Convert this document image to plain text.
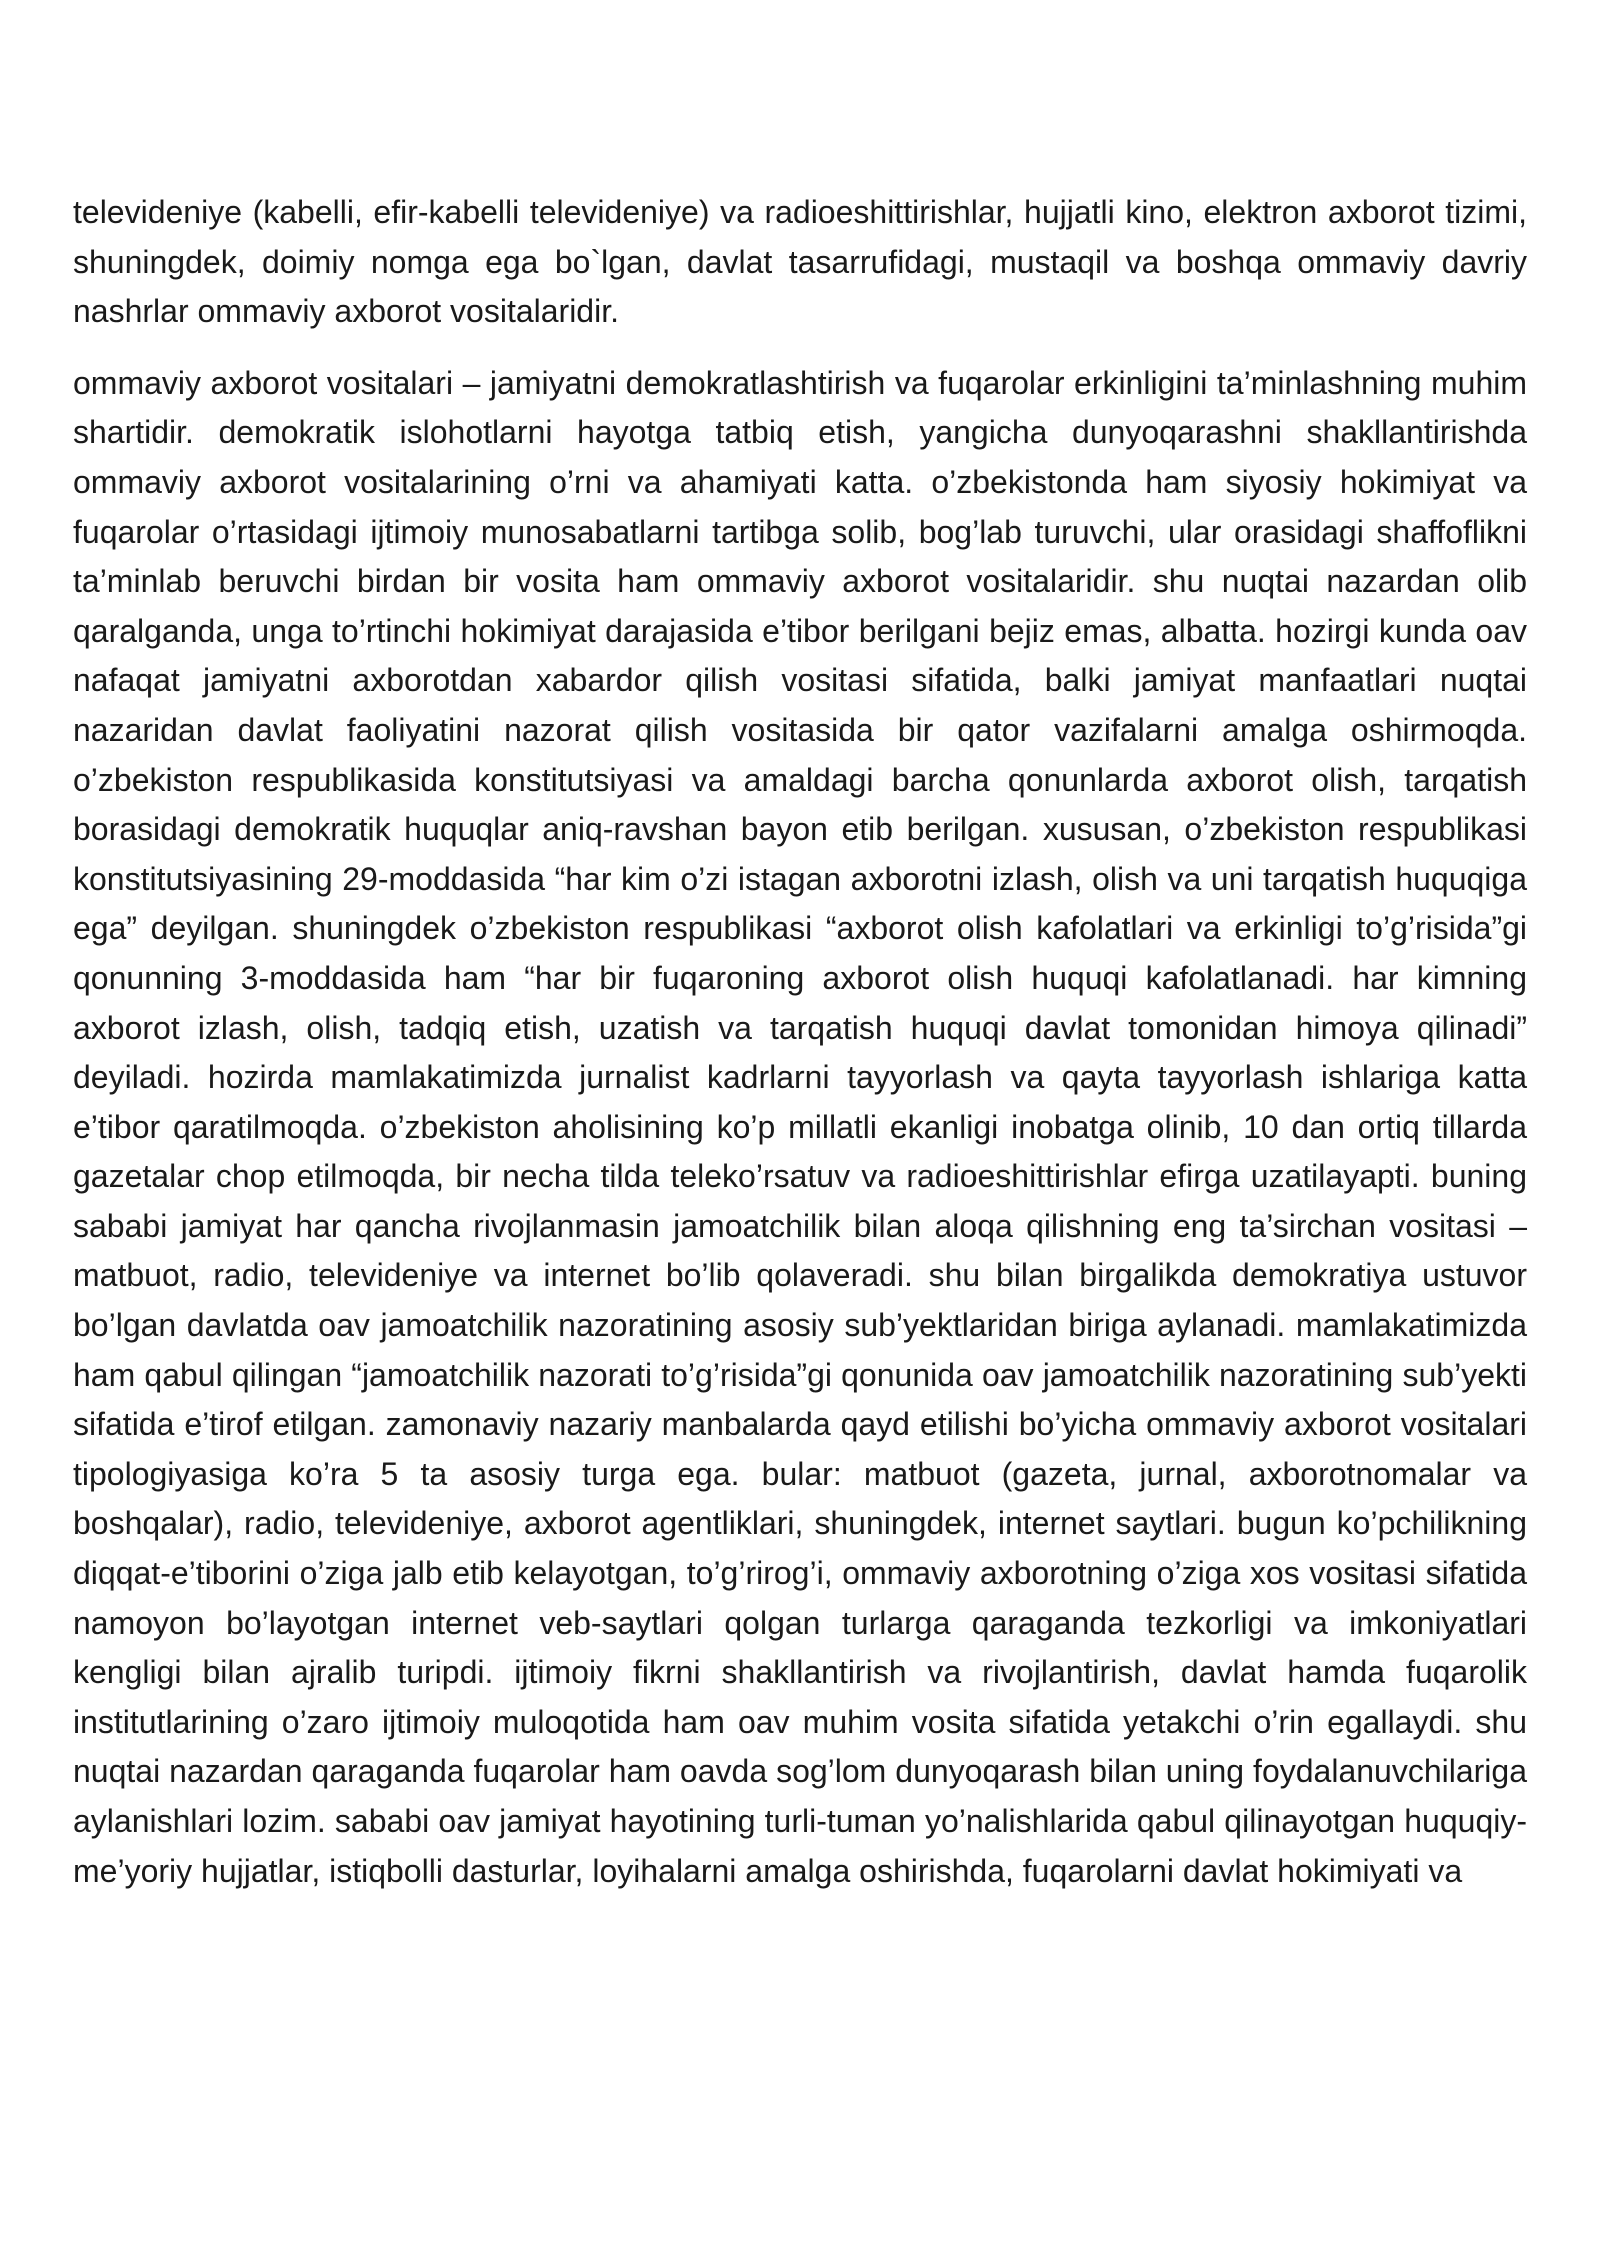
televideniye (kabelli, efir-kabelli televideniye) va radioeshittirishlar, hujjatli kino, elektron axborot tizimi, shuningdek, doimiy nomga ega bo`lgan, davlat tasarrufidagi, mustaqil va boshqa ommaviy davriy nashrlar ommaviy axborot vositalaridir.

ommaviy axborot vositalari – jamiyatni demokratlashtirish va fuqarolar erkinligini ta’minlashning muhim shartidir. demokratik islohotlarni hayotga tatbiq etish, yangicha dunyoqarashni shakllantirishda ommaviy axborot vositalarining o’rni va ahamiyati katta. o’zbekistonda ham siyosiy hokimiyat va fuqarolar o’rtasidagi ijtimoiy munosabatlarni tartibga solib, bog’lab turuvchi, ular orasidagi shaffoflikni ta’minlab beruvchi birdan bir vosita ham ommaviy axborot vositalaridir. shu nuqtai nazardan olib qaralganda, unga to’rtinchi hokimiyat darajasida e’tibor berilgani bejiz emas, albatta. hozirgi kunda oav nafaqat jamiyatni axborotdan xabardor qilish vositasi sifatida, balki jamiyat manfaatlari nuqtai nazaridan davlat faoliyatini nazorat qilish vositasida bir qator vazifalarni amalga oshirmoqda. o’zbekiston respublikasida konstitutsiyasi va amaldagi barcha qonunlarda axborot olish, tarqatish borasidagi demokratik huquqlar aniq-ravshan bayon etib berilgan. xususan, o’zbekiston respublikasi konstitutsiyasining 29-moddasida “har kim o’zi istagan axborotni izlash, olish va uni tarqatish huquqiga ega” deyilgan. shuningdek o’zbekiston respublikasi “axborot olish kafolatlari va erkinligi to’g’risida”gi qonunning 3-moddasida ham “har bir fuqaroning axborot olish huquqi kafolatlanadi. har kimning axborot izlash, olish, tadqiq etish, uzatish va tarqatish huquqi davlat tomonidan himoya qilinadi” deyiladi. hozirda mamlakatimizda jurnalist kadrlarni tayyorlash va qayta tayyorlash ishlariga katta e’tibor qaratilmoqda. o’zbekiston aholisining ko’p millatli ekanligi inobatga olinib, 10 dan ortiq tillarda gazetalar chop etilmoqda, bir necha tilda teleko’rsatuv va radioeshittirishlar efirga uzatilayapti. buning sababi jamiyat har qancha rivojlanmasin jamoatchilik bilan aloqa qilishning eng ta’sirchan vositasi – matbuot, radio, televideniye va internet bo’lib qolaveradi. shu bilan birgalikda demokratiya ustuvor bo’lgan davlatda oav jamoatchilik nazoratining asosiy sub’yektlaridan biriga aylanadi. mamlakatimizda ham qabul qilingan “jamoatchilik nazorati to’g’risida”gi qonunida oav jamoatchilik nazoratining sub’yekti sifatida e’tirof etilgan. zamonaviy nazariy manbalarda qayd etilishi bo’yicha ommaviy axborot vositalari tipologiyasiga ko’ra 5 ta asosiy turga ega. bular: matbuot (gazeta, jurnal, axborotnomalar va boshqalar), radio, televideniye, axborot agentliklari, shuningdek, internet saytlari. bugun ko’pchilikning diqqat-e’tiborini o’ziga jalb etib kelayotgan, to’g’rirog’i, ommaviy axborotning o’ziga xos vositasi sifatida namoyon bo’layotgan internet veb-saytlari qolgan turlarga qaraganda tezkorligi va imkoniyatlari kengligi bilan ajralib turipdi. ijtimoiy fikrni shakllantirish va rivojlantirish, davlat hamda fuqarolik institutlarining o’zaro ijtimoiy muloqotida ham oav muhim vosita sifatida yetakchi o’rin egallaydi. shu nuqtai nazardan qaraganda fuqarolar ham oavda sog’lom dunyoqarash bilan uning foydalanuvchilariga aylanishlari lozim. sababi oav jamiyat hayotining turli-tuman yo’nalishlarida qabul qilinayotgan huquqiy-me’yoriy hujjatlar, istiqbolli dasturlar, loyihalarni amalga oshirishda, fuqarolarni davlat hokimiyati va
